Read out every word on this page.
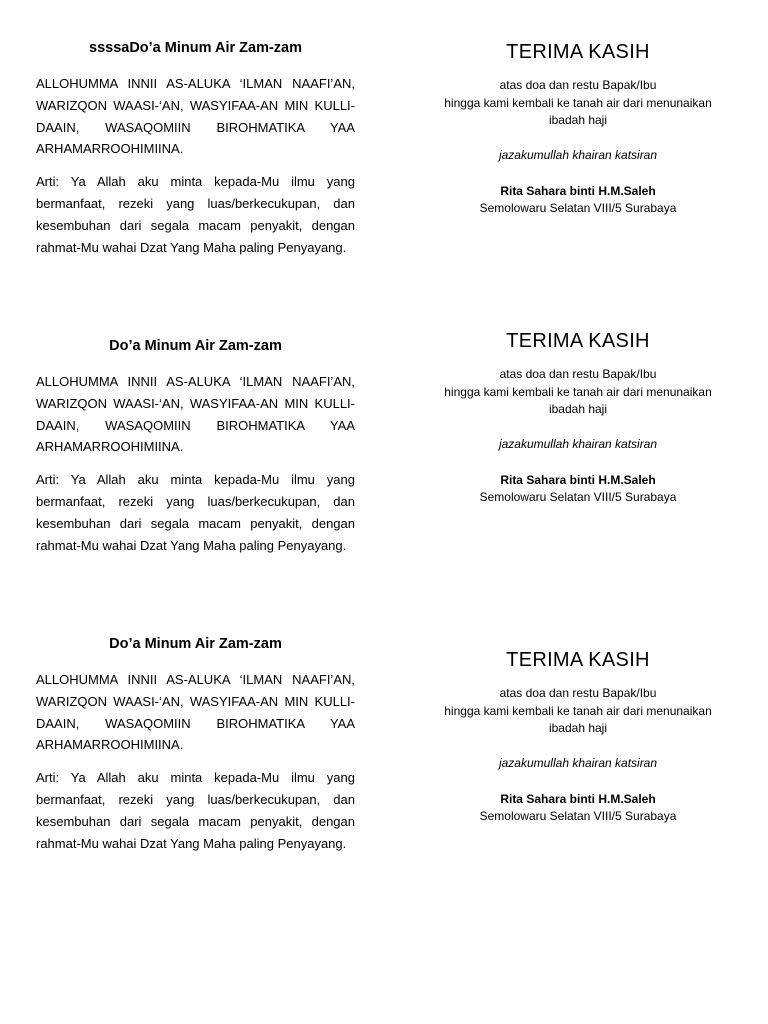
ssssaDo’a Minum Air Zam-zam

ALLOHUMMA INNII AS-ALUKA ‘ILMAN NAAFI’AN, WARIZQON WAASI-‘AN, WASYIFAA-AN MIN KULLI-DAAIN, WASAQOMIIN BIROHMATIKA YAA ARHAMARROOHIMIINA.

Arti: Ya Allah aku minta kepada-Mu ilmu yang bermanfaat, rezeki yang luas/berkecukupan, dan kesembuhan dari segala macam penyakit, dengan rahmat-Mu wahai Dzat Yang Maha paling Penyayang.

TERIMA KASIH

atas doa dan restu Bapak/Ibu

hingga kami kembali ke tanah air dari menunaikan

ibadah haji

jazakumullah khairan katsiran

Rita Sahara binti H.M.Saleh

Semolowaru Selatan VIII/5 Surabaya

Do’a Minum Air Zam-zam

ALLOHUMMA INNII AS-ALUKA ‘ILMAN NAAFI’AN, WARIZQON WAASI-‘AN, WASYIFAA-AN MIN KULLI-DAAIN, WASAQOMIIN BIROHMATIKA YAA ARHAMARROOHIMIINA.

Arti: Ya Allah aku minta kepada-Mu ilmu yang bermanfaat, rezeki yang luas/berkecukupan, dan kesembuhan dari segala macam penyakit, dengan rahmat-Mu wahai Dzat Yang Maha paling Penyayang.

TERIMA KASIH

atas doa dan restu Bapak/Ibu

hingga kami kembali ke tanah air dari menunaikan

ibadah haji

jazakumullah khairan katsiran

Rita Sahara binti H.M.Saleh

Semolowaru Selatan VIII/5 Surabaya

Do’a Minum Air Zam-zam

ALLOHUMMA INNII AS-ALUKA ‘ILMAN NAAFI’AN, WARIZQON WAASI-‘AN, WASYIFAA-AN MIN KULLI-DAAIN, WASAQOMIIN BIROHMATIKA YAA ARHAMARROOHIMIINA.

Arti: Ya Allah aku minta kepada-Mu ilmu yang bermanfaat, rezeki yang luas/berkecukupan, dan kesembuhan dari segala macam penyakit, dengan rahmat-Mu wahai Dzat Yang Maha paling Penyayang.

TERIMA KASIH

atas doa dan restu Bapak/Ibu

hingga kami kembali ke tanah air dari menunaikan

ibadah haji

jazakumullah khairan katsiran

Rita Sahara binti H.M.Saleh

Semolowaru Selatan VIII/5 Surabaya
